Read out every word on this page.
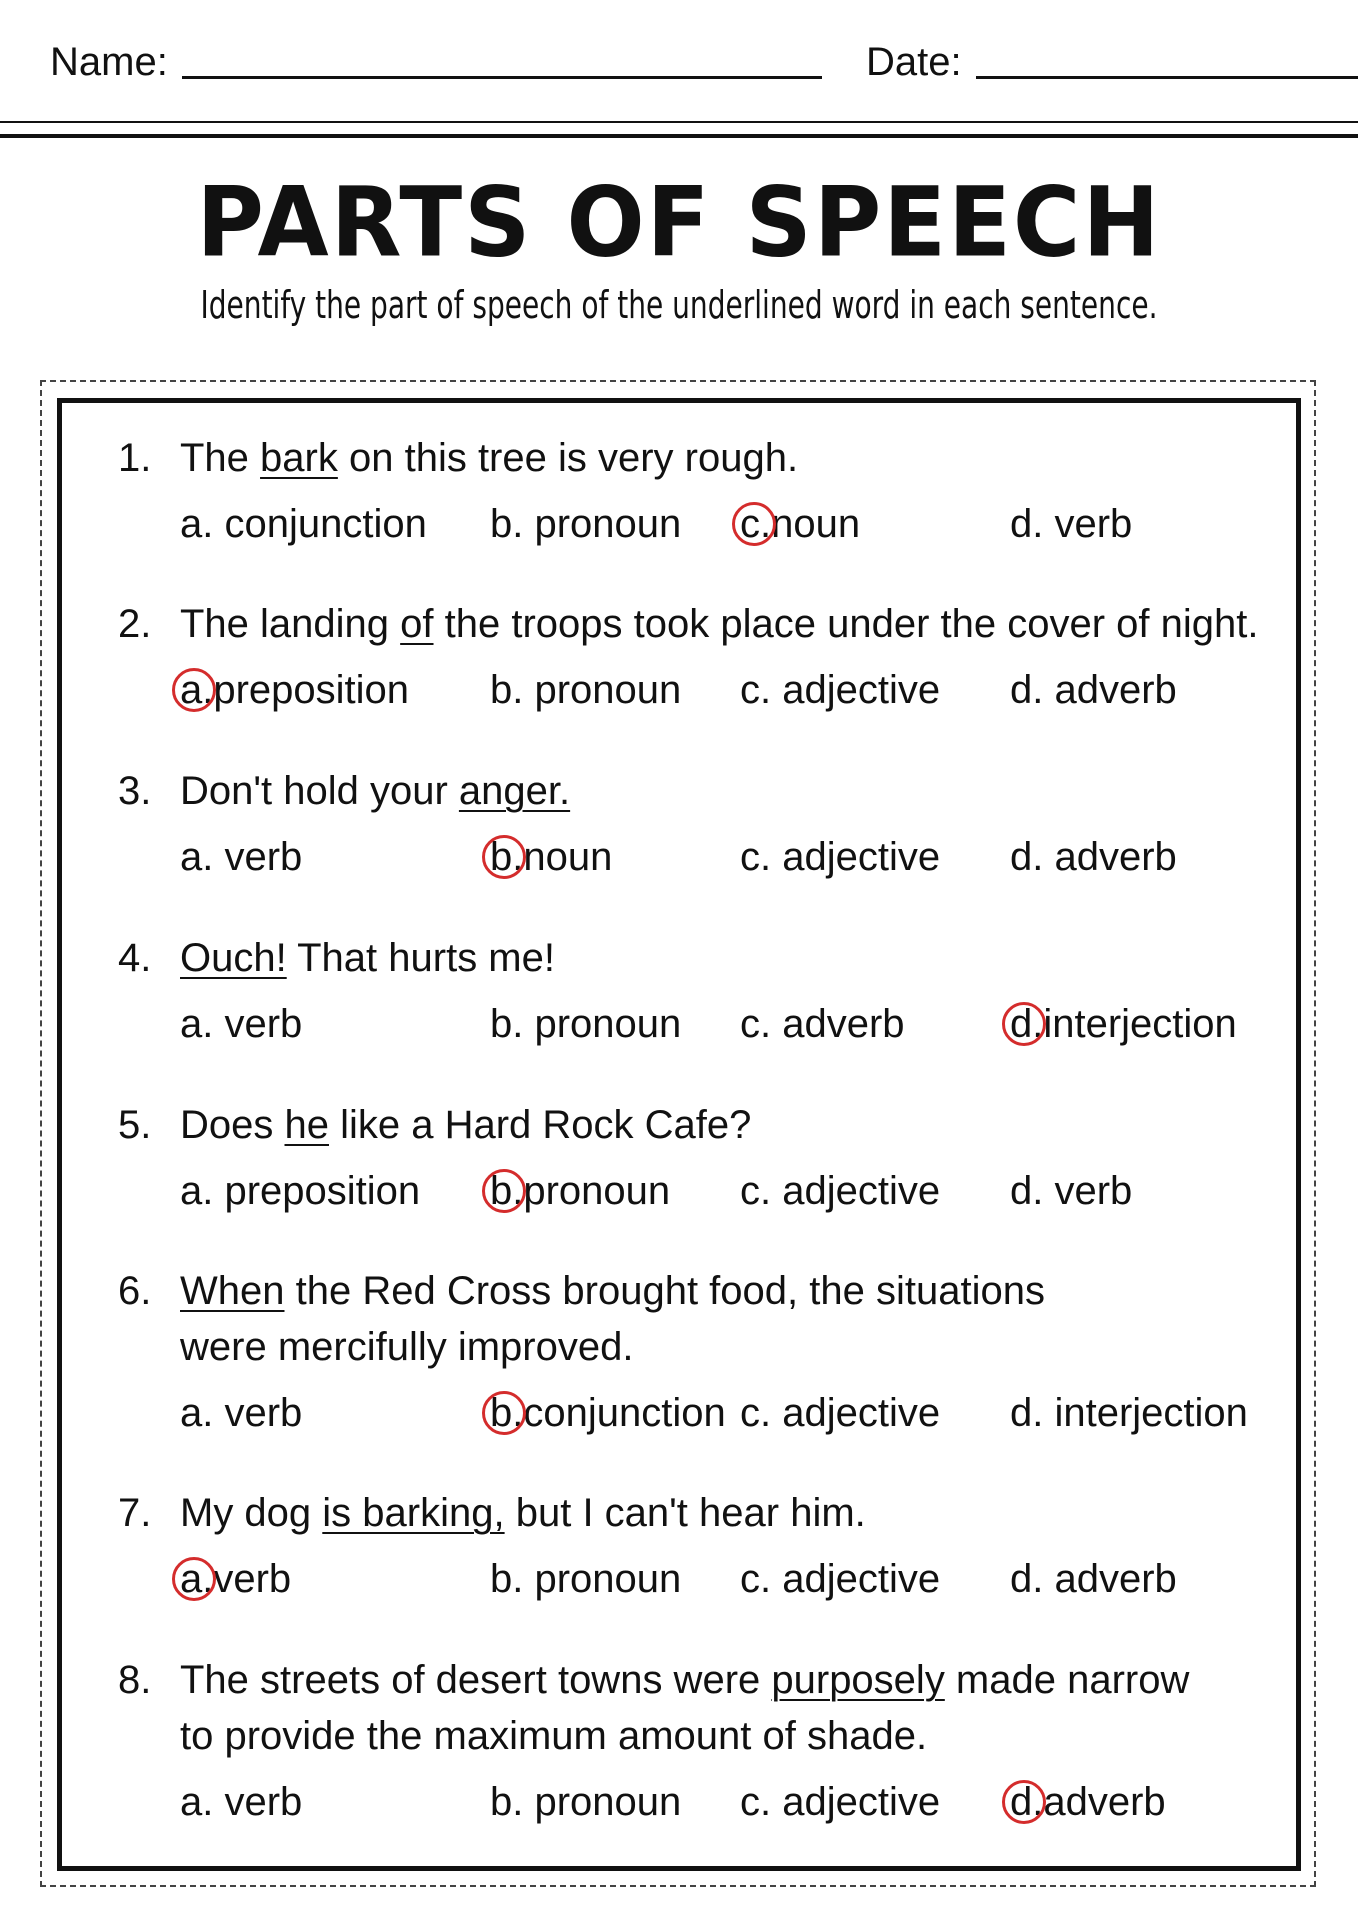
Name:	Date:
PARTS OF SPEECH
Identify the part of speech of the underlined word in each sentence.
1. The bark on this tree is very rough.
a. conjunction b. pronoun c.noun	d. verb
2. The landing of the troops took place under the cover of night.
a.preposition b. pronoun c. adjective d. adverb
3. Don't hold your anger.
a. verb	b.noun	c. adjective d. adverb
4. Ouch! That hurts me!
a. verb	b. pronoun c. adverb	d.interjection
5. Does he like a Hard Rock Cafe?
a. preposition b.pronoun c. adjective d. verb
6. When the Red Cross brought food, the situations
were mercifully improved.
a. verb	b.conjunction c. adjective d. interjection
7. My dog is barking, but I can't hear him.
a.verb	b. pronoun c. adjective d. adverb
8. The streets of desert towns were purposely made narrow
to provide the maximum amount of shade.
a. verb	b. pronoun c. adjective d.adverb
